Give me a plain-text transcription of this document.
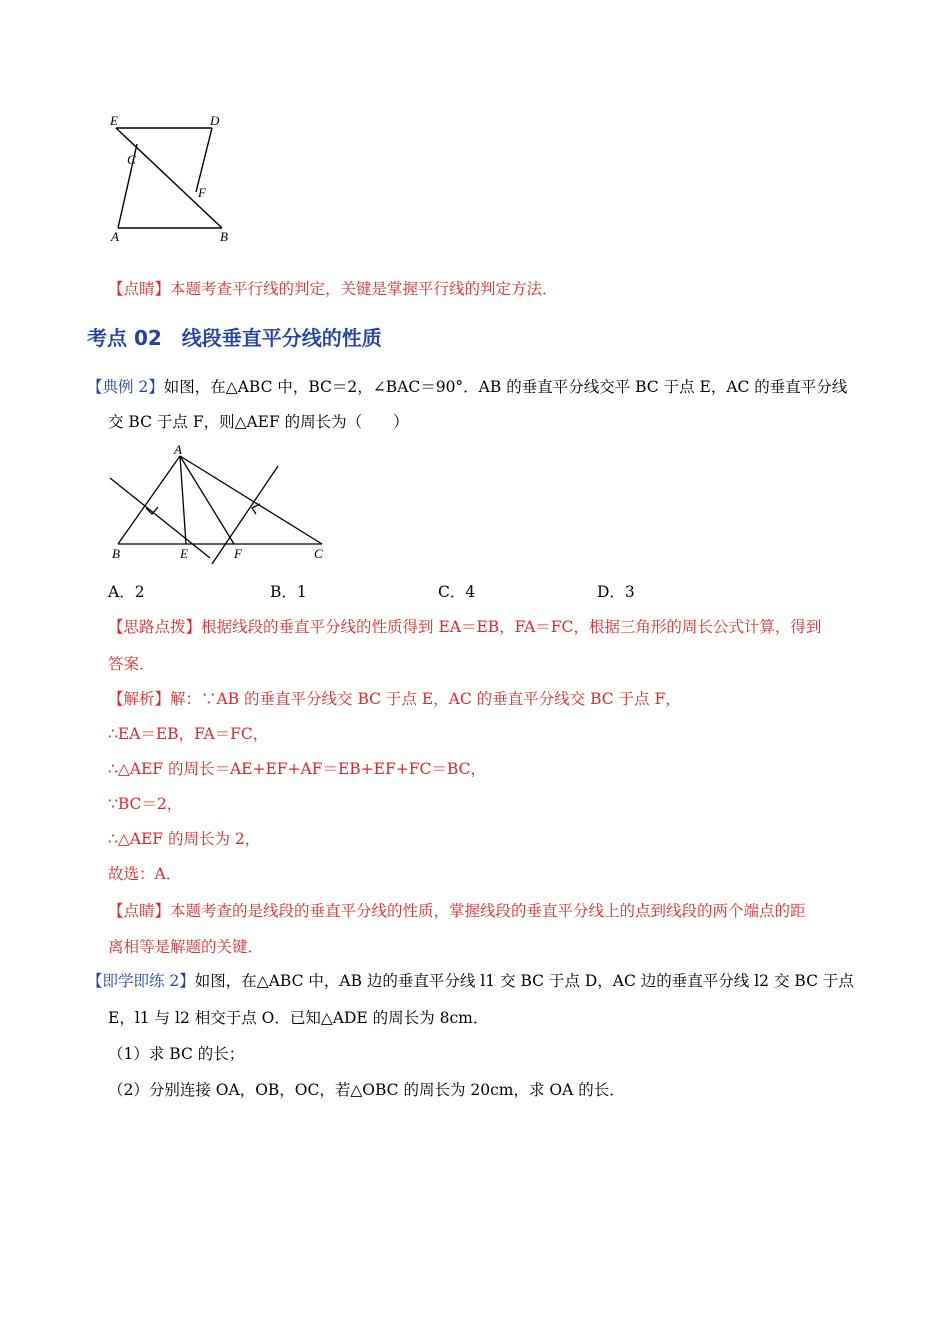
E	D
C
F
A	B
【点睛】本题考查平行线的判定，关键是掌握平行线的判定方法．
考点 02　线段垂直平分线的性质
【典例 2】如图，在△ABC 中，BC＝2，∠BAC＝90°．AB 的垂直平分线交平 BC 于点 E，AC 的垂直平分线
交 BC 于点 F，则△AEF 的周长为（　　）
A
B	E	F	C
A．2	B．1	C．4	D．3
【思路点拨】根据线段的垂直平分线的性质得到 EA＝EB，FA＝FC，根据三角形的周长公式计算，得到
答案．
【解析】解：∵AB 的垂直平分线交 BC 于点 E，AC 的垂直平分线交 BC 于点 F，
∴EA＝EB，FA＝FC，
∴△AEF 的周长＝AE+EF+AF＝EB+EF+FC＝BC，
∵BC＝2，
∴△AEF 的周长为 2，
故选：A．
【点睛】本题考查的是线段的垂直平分线的性质，掌握线段的垂直平分线上的点到线段的两个端点的距
离相等是解题的关键．
【即学即练 2】如图，在△ABC 中，AB 边的垂直平分线 l1 交 BC 于点 D，AC 边的垂直平分线 l2 交 BC 于点
E，l1 与 l2 相交于点 O．已知△ADE 的周长为 8cm．
（1）求 BC 的长；
（2）分别连接 OA，OB，OC，若△OBC 的周长为 20cm，求 OA 的长．
